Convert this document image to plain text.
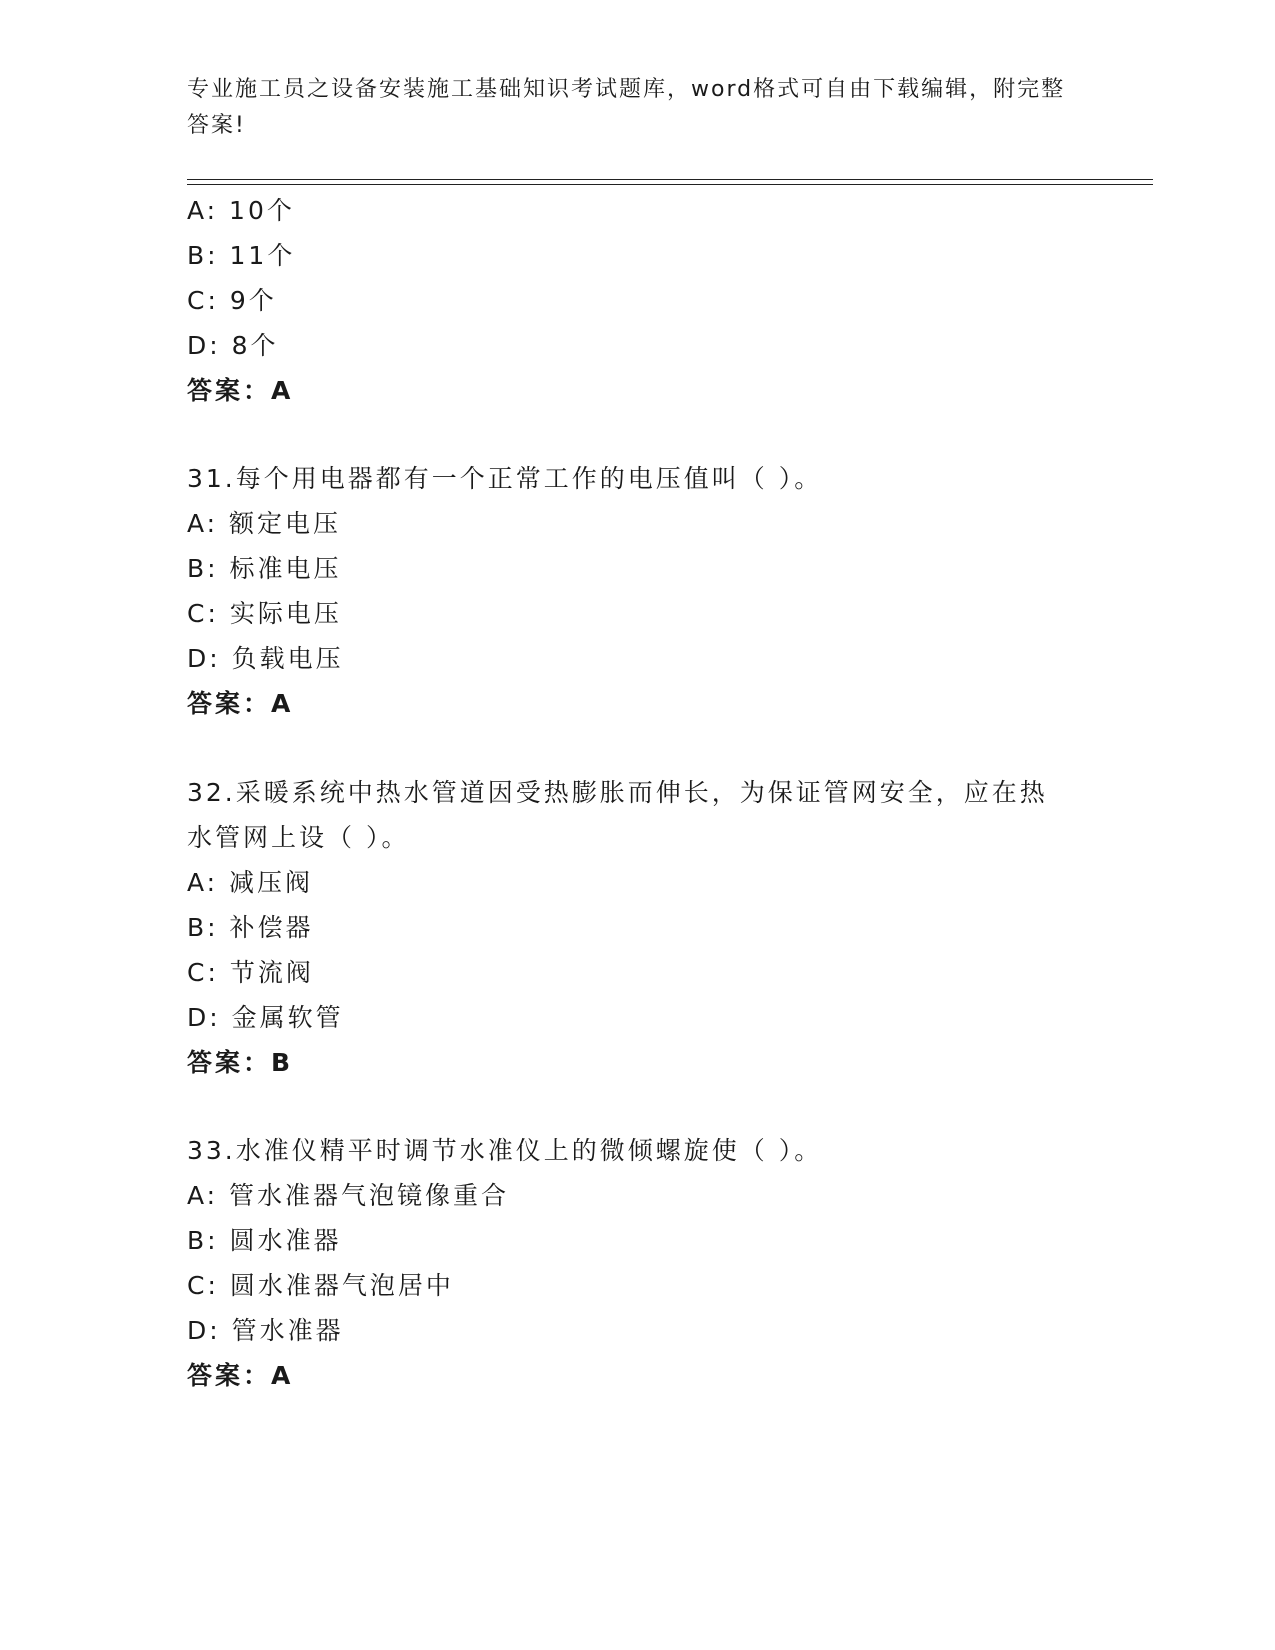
专业施工员之设备安装施工基础知识考试题库，word格式可自由下载编辑，附完整答案!
A: 10个
B: 11个
C: 9个
D: 8个
答案：A
31.每个用电器都有一个正常工作的电压值叫（ ）。
A: 额定电压
B: 标准电压
C: 实际电压
D: 负载电压
答案：A
32.采暖系统中热水管道因受热膨胀而伸长，为保证管网安全，应在热
水管网上设（ ）。
A: 减压阀
B: 补偿器
C: 节流阀
D: 金属软管
答案：B
33.水准仪精平时调节水准仪上的微倾螺旋使（ ）。
A: 管水准器气泡镜像重合
B: 圆水准器
C: 圆水准器气泡居中
D: 管水准器
答案：A
